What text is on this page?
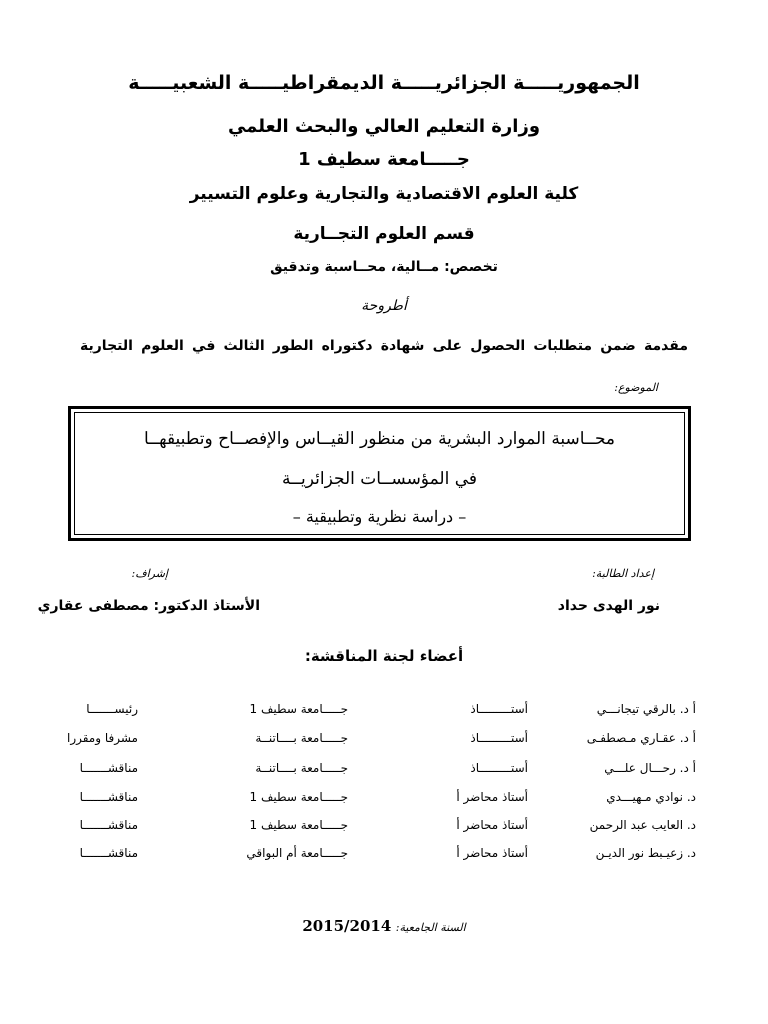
الجمهوريـــــة الجزائريـــــة الديمقراطيـــــة الشعبيـــــة
وزارة التعليم العالي والبحث العلمي
جـــــامعة سطيف 1
كلية العلوم الاقتصادية والتجارية وعلوم التسيير
قسم العلوم التجــارية
تخصص: مــالية، محــاسبة وتدقيق
أطروحة
مقدمة ضمن متطلبات الحصول على شهادة دكتوراه الطور الثالث في العلوم التجارية
الموضوع:
محــاسبة الموارد البشرية من منظور القيــاس والإفصــاح وتطبيقهــا
في المؤسســات الجزائريــة
– دراسة نظرية وتطبيقية –
إعداد الطالبة:
إشراف:
نور الهدى حداد
الأستاذ الدكتور: مصطفى عقاري
أعضاء لجنة المناقشة:
أ د. بالرقي تيجانـــي
أستـــــــــاذ
جـــــامعة سطيف 1
رئيســـــــا
أ د. عقـاري مـصطفـى
أستـــــــــاذ
جـــــامعة بــــاتنــة
مشرفا ومقررا
أ د. رحـــال علـــي
أستـــــــــاذ
جـــــامعة بــــاتنــة
مناقشـــــــا
د. نوادي مـهيـــدي
أستاذ محاضر أ
جـــــامعة سطيف 1
مناقشـــــــا
د. العايب عبد الرحمن
أستاذ محاضر أ
جـــــامعة سطيف 1
مناقشـــــــا
د. زعيـبط نور الديـن
أستاذ محاضر أ
جـــــامعة أم البواقي
مناقشـــــــا
السنة الجامعية: 2015/2014
